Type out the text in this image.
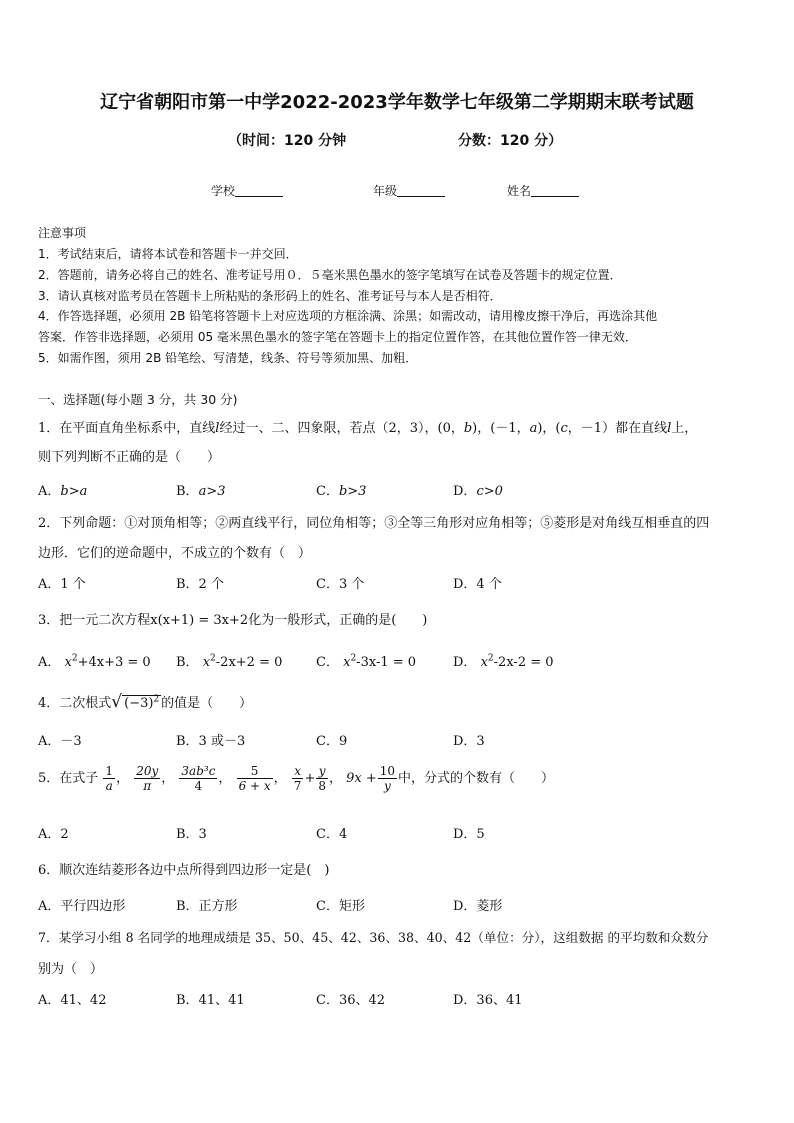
辽宁省朝阳市第一中学2022-2023学年数学七年级第二学期期末联考试题
（时间：120 分钟	分数：120 分）
学校	年级	姓名
注意事项
1．考试结束后，请将本试卷和答题卡一并交回．
2．答题前，请务必将自己的姓名、准考证号用０．５毫米黑色墨水的签字笔填写在试卷及答题卡的规定位置．
3．请认真核对监考员在答题卡上所粘贴的条形码上的姓名、准考证号与本人是否相符．
4．作答选择题，必须用 2B 铅笔将答题卡上对应选项的方框涂满、涂黑；如需改动，请用橡皮擦干净后，再选涂其他
答案．作答非选择题，必须用 05 毫米黑色墨水的签字笔在答题卡上的指定位置作答，在其他位置作答一律无效．
5．如需作图，须用 2B 铅笔绘、写清楚，线条、符号等须加黑、加粗．
一、选择题(每小题 3 分，共 30 分)
1．在平面直角坐标系中，直线l经过一、二、四象限，若点（2，3），(0，b)，(－1，a)，(c，－1）都在直线l上，
则下列判断不正确的是（　　）
A．b>a	B．a>3	C．b>3	D．c>0
2．下列命题：①对顶角相等；②两直线平行，同位角相等；③全等三角形对应角相等；⑤菱形是对角线互相垂直的四
边形．它们的逆命题中，不成立的个数有（　）
A．1 个	B．2 个	C．3 个	D．4 个
3．把一元二次方程x(x+1) = 3x+2化为一般形式，正确的是(　　)
A． $x^2+4x+3 = 0$ B． $x^2-2x+2 = 0$	C． $x^2-3x-1 = 0$	D． $x^2-2x-2 = 0$
4．二次根式√ $(-3)^2$ 的值是（　　）
A．－3	B．3 或－3	C．9	D．3
5．在式子 $\frac{1}{a}$ ， $\frac{20y}{\pi}$ ， $\frac{\text{3ab³c}}{4}$ ， $\frac{5}{6 + x}$ ， $\frac{x}{7} + \frac{y}{8}$ ， $9x + \frac{10}{y}$ 中，分式的个数有（　　）
A．2	B．3	C．4	D．5
6．顺次连结菱形各边中点所得到四边形一定是(　)
A．平行四边形	B．正方形	C．矩形	D．菱形
7．某学习小组 8 名同学的地理成绩是 35、50、45、42、36、38、40、42（单位：分），这组数据 的平均数和众数分
别为（　）
A．41、42	B．41、41	C．36、42	D．36、41
